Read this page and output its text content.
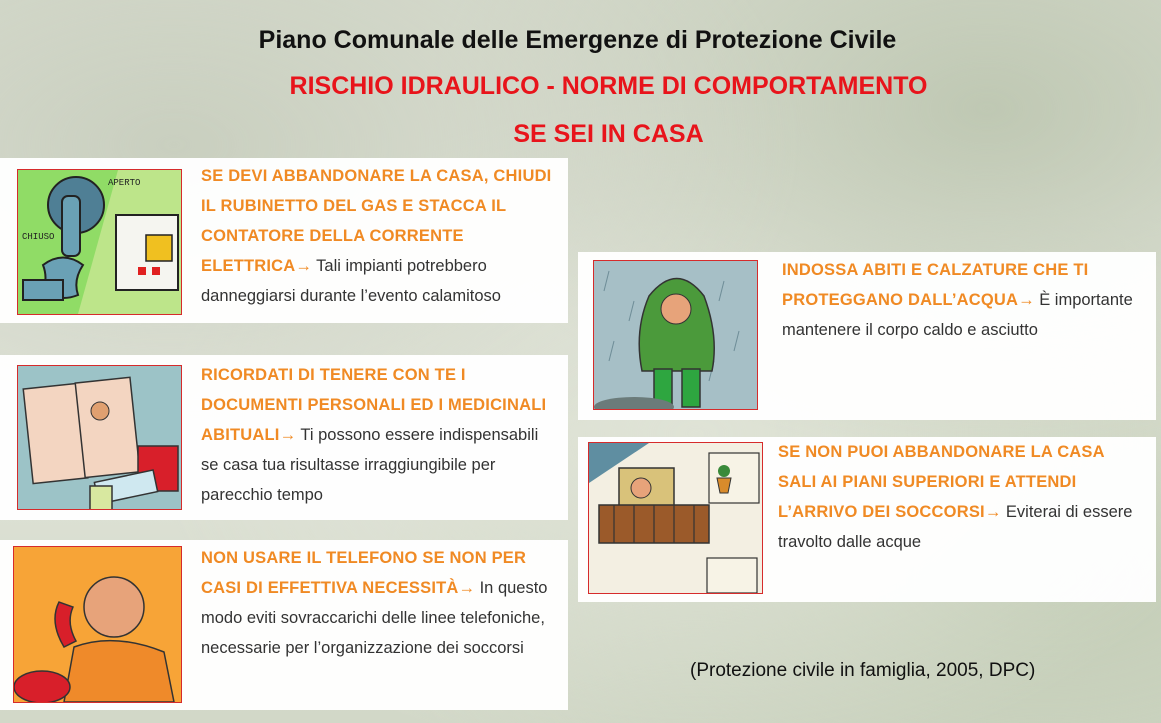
Piano Comunale delle Emergenze di Protezione Civile
RISCHIO IDRAULICO - NORME DI COMPORTAMENTO
SE SEI IN CASA
APERTO
CHIUSO
SE DEVI ABBANDONARE LA CASA, CHIUDI IL RUBINETTO DEL GAS E STACCA IL CONTATORE DELLA CORRENTE ELETTRICA→ Tali impianti potrebbero danneggiarsi durante l’evento calamitoso
RICORDATI DI TENERE CON TE I DOCUMENTI PERSONALI ED I MEDICINALI ABITUALI→ Ti possono essere indispensabili se casa tua risultasse irraggiungibile per parecchio tempo
NON USARE IL TELEFONO SE NON PER CASI DI EFFETTIVA NECESSITÀ→ In questo modo eviti sovraccarichi delle linee telefoniche, necessarie per l’organizzazione dei soccorsi
INDOSSA ABITI E CALZATURE CHE TI PROTEGGANO DALL’ACQUA→ È importante mantenere il corpo caldo e asciutto
SE NON PUOI ABBANDONARE LA CASA SALI AI PIANI SUPERIORI E ATTENDI L’ARRIVO DEI SOCCORSI→ Eviterai di essere travolto dalle acque
(Protezione civile in famiglia, 2005, DPC)
